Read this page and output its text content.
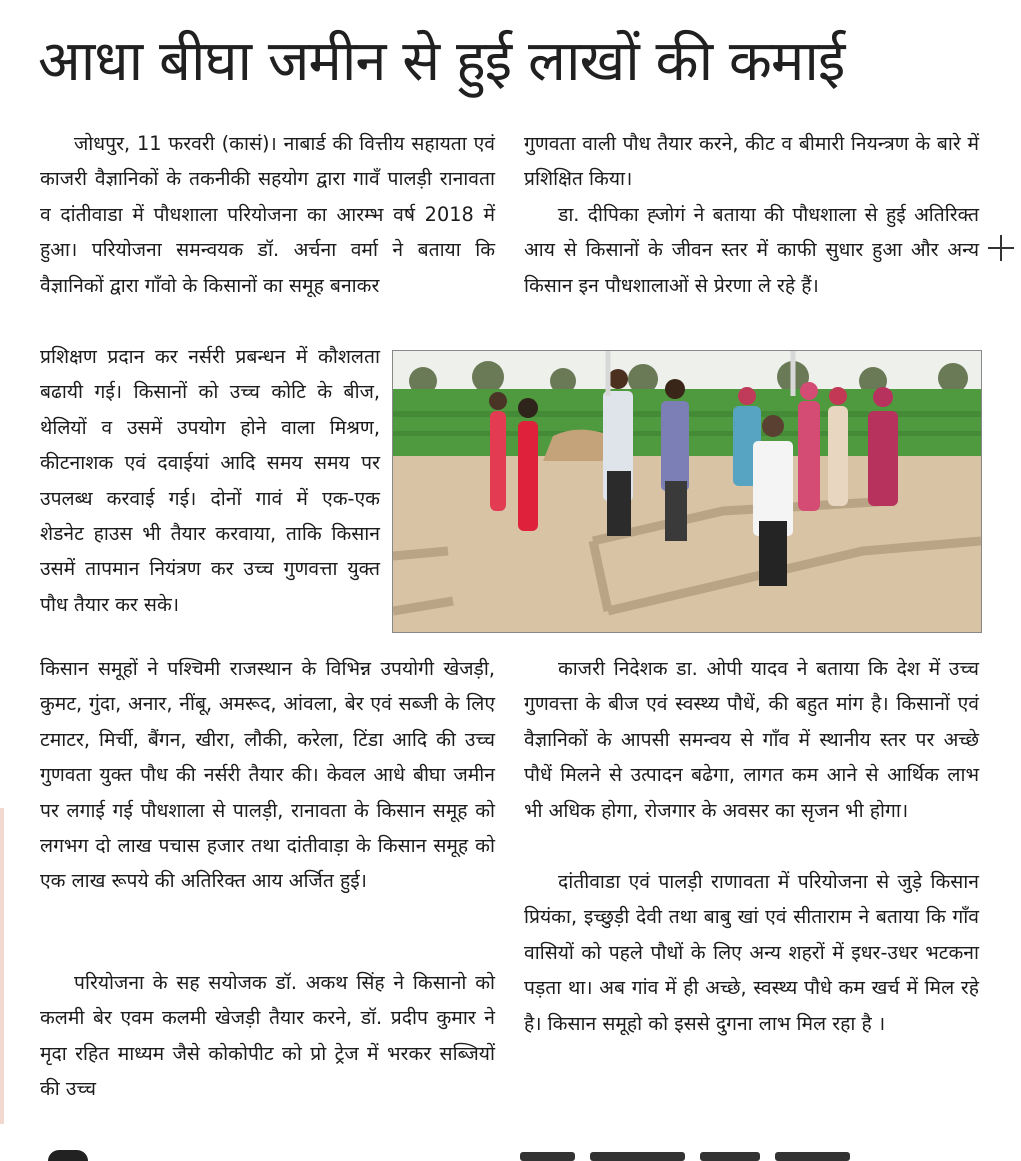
आधा बीघा जमीन से हुई लाखों की कमाई

जोधपुर, 11 फरवरी (कासं)। नाबार्ड की वित्तीय सहायता एवं काजरी वैज्ञानिकों के तकनीकी सहयोग द्वारा गावँ पालड़ी रानावता व दांतीवाडा में पौधशाला परियोजना का आरम्भ वर्ष 2018 में हुआ। परियोजना समन्वयक डॉ. अर्चना वर्मा ने बताया कि वैज्ञानिकों द्वारा गाँवो के किसानों का समूह बनाकर

प्रशिक्षण प्रदान कर नर्सरी प्रबन्धन में कौशलता बढायी गई। किसानों को उच्च कोटि के बीज, थेलियों व उसमें उपयोग होने वाला मिश्रण, कीटनाशक एवं दवाईयां आदि समय समय पर उपलब्ध करवाई गई। दोनों गावं में एक-एक शेडनेट हाउस भी तैयार करवाया, ताकि किसान उसमें तापमान नियंत्रण कर उच्च गुणवत्ता युक्त पौध तैयार कर सके।

किसान समूहों ने पश्चिमी राजस्थान के विभिन्न उपयोगी खेजड़ी, कुमट, गुंदा, अनार, नींबू, अमरूद, आंवला, बेर एवं सब्जी के लिए टमाटर, मिर्ची, बैंगन, खीरा, लौकी, करेला, टिंडा आदि की उच्च गुणवता युक्त पौध की नर्सरी तैयार की। केवल आधे बीघा जमीन पर लगाई गई पौधशाला से पालड़ी, रानावता के किसान समूह को लगभग दो लाख पचास हजार तथा दांतीवाड़ा के किसान समूह को एक लाख रूपये की अतिरिक्त आय अर्जित हुई।

परियोजना के सह सयोजक डॉ. अकथ सिंह ने किसानो को कलमी बेर एवम कलमी खेजड़ी तैयार करने, डॉ. प्रदीप कुमार ने मृदा रहित माध्यम जैसे कोकोपीट को प्रो ट्रेज में भरकर सब्जियों की उच्च

गुणवता वाली पौध तैयार करने, कीट व बीमारी नियन्त्रण के बारे में प्रशिक्षित किया।

डा. दीपिका ह्जोगं ने बताया की पौधशाला से हुई अतिरिक्त आय से किसानों के जीवन स्तर में काफी सुधार हुआ और अन्य किसान इन पौधशालाओं से प्रेरणा ले रहे हैं।

काजरी निदेशक डा. ओपी यादव ने बताया कि देश में उच्च गुणवत्ता के बीज एवं स्वस्थ्य पौधें, की बहुत मांग है। किसानों एवं वैज्ञानिकों के आपसी समन्वय से गाँव में स्थानीय स्तर पर अच्छे पौधें मिलने से उत्पादन बढेगा, लागत कम आने से आर्थिक लाभ भी अधिक होगा, रोजगार के अवसर का सृजन भी होगा।

दांतीवाडा एवं पालड़ी राणावता में परियोजना से जुड़े किसान प्रियंका, इच्छुड़ी देवी तथा बाबु खां एवं सीताराम ने बताया कि गाँव वासियों को पहले पौधों के लिए अन्य शहरों में इधर-उधर भटकना पड़ता था। अब गांव में ही अच्छे, स्वस्थ्य पौधे कम खर्च में मिल रहे है। किसान समूहो को इससे दुगना लाभ मिल रहा है ।
